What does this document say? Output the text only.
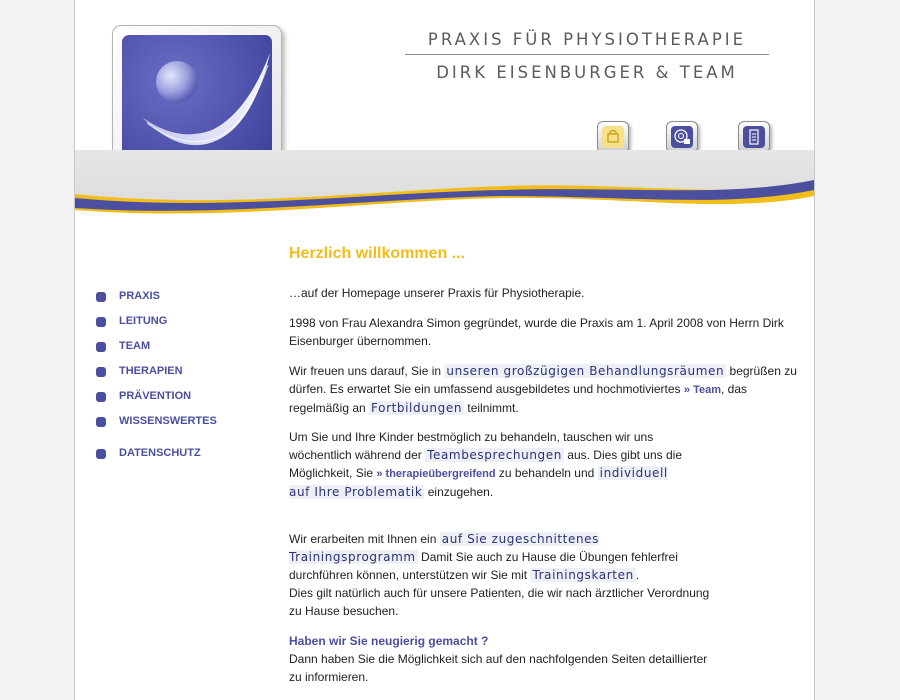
PRAXIS FÜR PHYSIOTHERAPIE
DIRK EISENBURGER & TEAM
PRAXIS
LEITUNG
TEAM
THERAPIEN
PRÄVENTION
WISSENSWERTES
DATENSCHUTZ
Herzlich willkommen ...
…auf der Homepage unserer Praxis für Physiotherapie.
1998 von Frau Alexandra Simon gegründet, wurde die Praxis am 1. April 2008 von Herrn Dirk Eisenburger übernommen.
Wir freuen uns darauf, Sie in unseren großzügigen Behandlungsräumen begrüßen zu dürfen. Es erwartet Sie ein umfassend ausgebildetes und hochmotiviertes » Team, das regelmäßig an Fortbildungen teilnimmt.
Um Sie und Ihre Kinder bestmöglich zu behandeln, tauschen wir uns wöchentlich während der Teambesprechungen aus. Dies gibt uns die Möglichkeit, Sie » therapieübergreifend zu behandeln und individuell auf Ihre Problematik einzugehen.
Wir erarbeiten mit Ihnen ein auf Sie zugeschnittenes Trainingsprogramm Damit Sie auch zu Hause die Übungen fehlerfrei durchführen können, unterstützen wir Sie mit Trainingskarten .
Dies gilt natürlich auch für unsere Patienten, die wir nach ärztlicher Verordnung zu Hause besuchen.
Haben wir Sie neugierig gemacht ?
Dann haben Sie die Möglichkeit sich auf den nachfolgenden Seiten detaillierter zu informieren.
